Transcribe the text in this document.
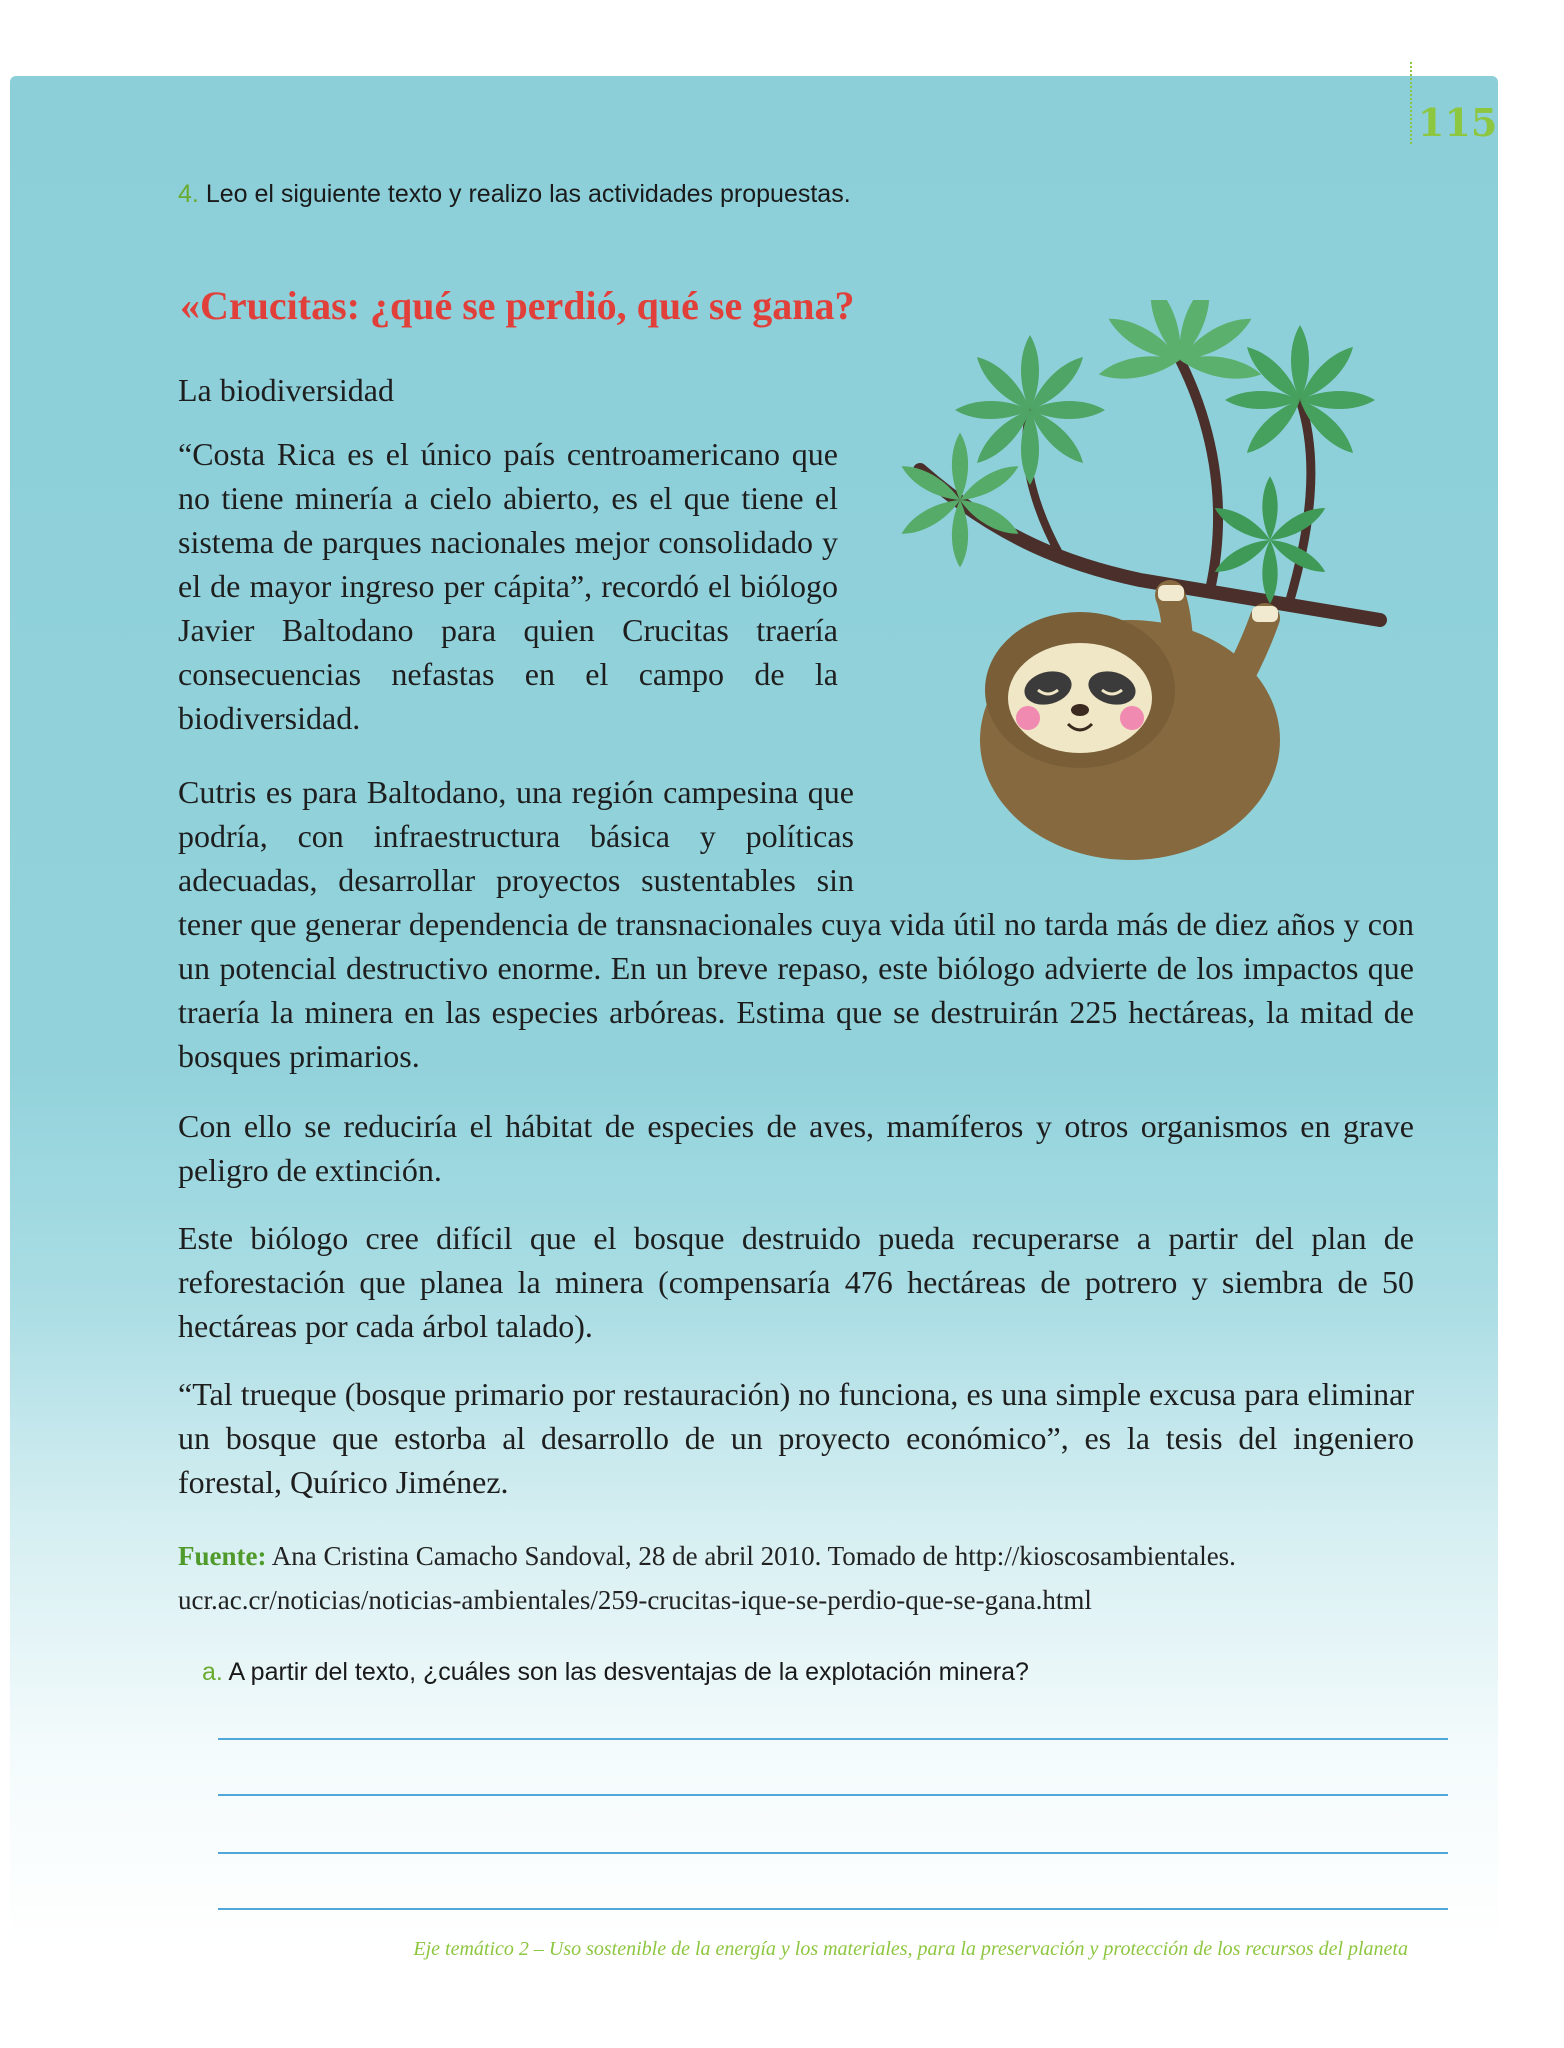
115
4. Leo el siguiente texto y realizo las actividades propuestas.
«Crucitas: ¿qué se perdió, qué se gana?
La biodiversidad

“Costa Rica es el único país centroamericano que no tiene minería a cielo abierto, es el que tiene el sistema de parques nacionales mejor consolidado y el de mayor ingreso per cápita”, recordó el biólogo Javier Baltodano para quien Crucitas traería consecuencias nefastas en el campo de la biodiversidad.

Cutris es para Baltodano, una región campesina que podría, con infraestructura básica y políticas adecuadas, desarrollar proyectos sustentables sin tener que generar dependencia de transnacionales cuya vida útil no tarda más de diez años y con un potencial destructivo enorme. En un breve repaso, este biólogo advierte de los impactos que traería la minera en las especies arbóreas. Estima que se destruirán 225 hectáreas, la mitad de bosques primarios.

Con ello se reduciría el hábitat de especies de aves, mamíferos y otros organismos en grave peligro de extinción.

Este biólogo cree difícil que el bosque destruido pueda recuperarse a partir del plan de reforestación que planea la minera (compensaría 476 hectáreas de potrero y siembra de 50 hectáreas por cada árbol talado).

“Tal trueque (bosque primario por restauración) no funciona, es una simple excusa para eliminar un bosque que estorba al desarrollo de un proyecto económico”, es la tesis del ingeniero forestal, Quírico Jiménez.

Fuente: Ana Cristina Camacho Sandoval, 28 de abril 2010. Tomado de http://kioscosambientales. ucr.ac.cr/noticias/noticias-ambientales/259-crucitas-ique-se-perdio-que-se-gana.html

a. A partir del texto, ¿cuáles son las desventajas de la explotación minera?
Eje temático 2 – Uso sostenible de la energía y los materiales, para la preservación y protección de los recursos del planeta
